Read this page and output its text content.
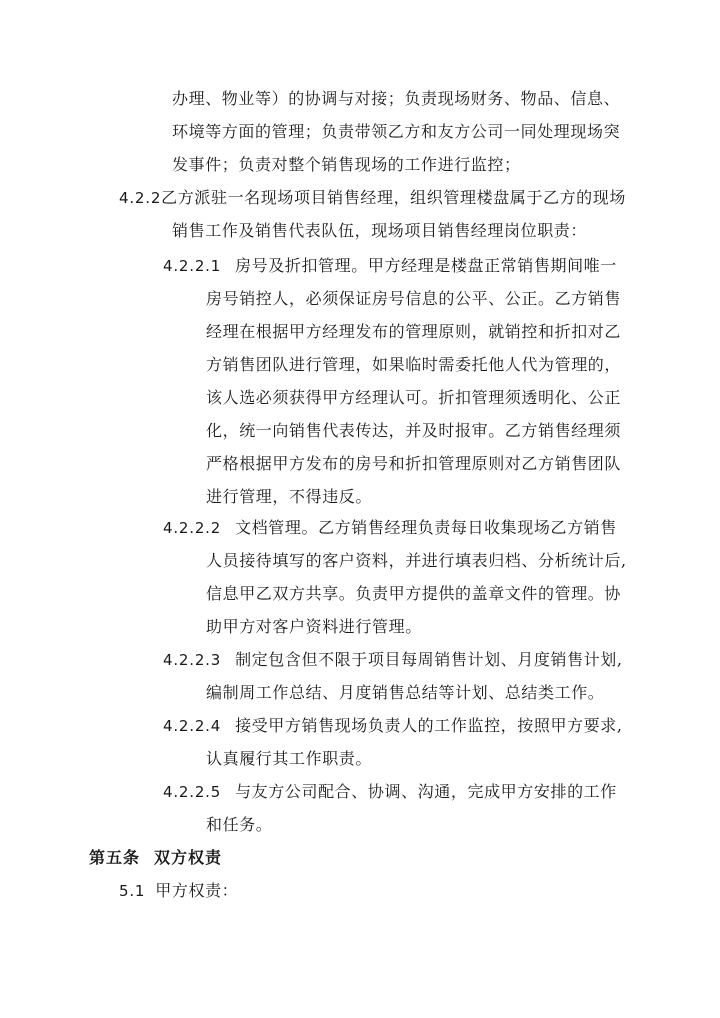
办理、物业等）的协调与对接；负责现场财务、物品、信息、
环境等方面的管理；负责带领乙方和友方公司一同处理现场突
发事件；负责对整个销售现场的工作进行监控；
4.2.2乙方派驻一名现场项目销售经理，组织管理楼盘属于乙方的现场
销售工作及销售代表队伍，现场项目销售经理岗位职责：
4.2.2.1 房号及折扣管理。甲方经理是楼盘正常销售期间唯一
房号销控人，必须保证房号信息的公平、公正。乙方销售
经理在根据甲方经理发布的管理原则，就销控和折扣对乙
方销售团队进行管理，如果临时需委托他人代为管理的，
该人选必须获得甲方经理认可。折扣管理须透明化、公正
化，统一向销售代表传达，并及时报审。乙方销售经理须
严格根据甲方发布的房号和折扣管理原则对乙方销售团队
进行管理，不得违反。
4.2.2.2 文档管理。乙方销售经理负责每日收集现场乙方销售
人员接待填写的客户资料，并进行填表归档、分析统计后,
信息甲乙双方共享。负责甲方提供的盖章文件的管理。协
助甲方对客户资料进行管理。
4.2.2.3 制定包含但不限于项目每周销售计划、月度销售计划,
编制周工作总结、月度销售总结等计划、总结类工作。
4.2.2.4 接受甲方销售现场负责人的工作监控，按照甲方要求,
认真履行其工作职责。
4.2.2.5 与友方公司配合、协调、沟通，完成甲方安排的工作
和任务。
第五条 双方权责
5.1 甲方权责：
